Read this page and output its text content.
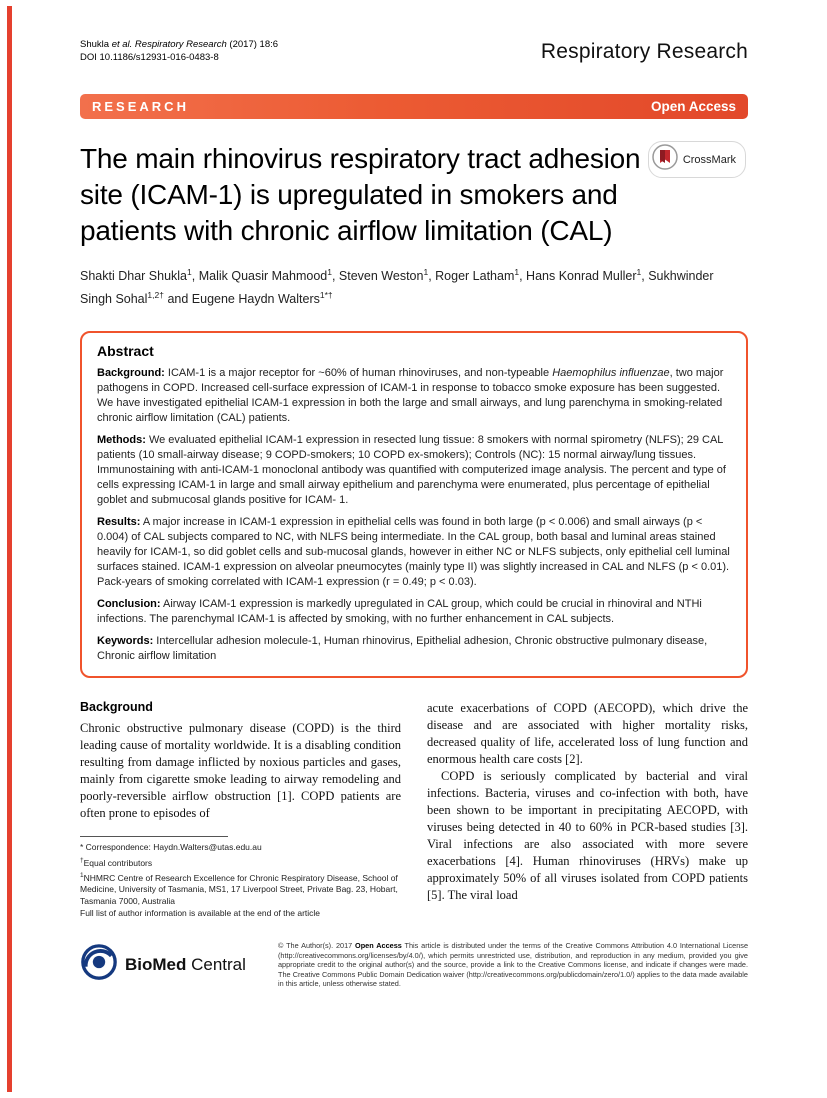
Shukla et al. Respiratory Research (2017) 18:6
DOI 10.1186/s12931-016-0483-8	Respiratory Research
RESEARCH	Open Access
The main rhinovirus respiratory tract adhesion site (ICAM-1) is upregulated in smokers and patients with chronic airflow limitation (CAL)
CrossMark

Shakti Dhar Shukla$^1$, Malik Quasir Mahmood$^1$, Steven Weston$^1$, Roger Latham$^1$, Hans Konrad Muller$^1$, Sukhwinder Singh Sohal$^{1,2\dagger}$ and Eugene Haydn Walters$^{1*\dagger}$

Abstract

Background: ICAM-1 is a major receptor for ~60% of human rhinoviruses, and non-typeable Haemophilus influenzae, two major pathogens in COPD. Increased cell-surface expression of ICAM-1 in response to tobacco smoke exposure has been suggested. We have investigated epithelial ICAM-1 expression in both the large and small airways, and lung parenchyma in smoking-related chronic airflow limitation (CAL) patients.

Methods: We evaluated epithelial ICAM-1 expression in resected lung tissue: 8 smokers with normal spirometry (NLFS); 29 CAL patients (10 small-airway disease; 9 COPD-smokers; 10 COPD ex-smokers); Controls (NC): 15 normal airway/lung tissues. Immunostaining with anti-ICAM-1 monoclonal antibody was quantified with computerized image analysis. The percent and type of cells expressing ICAM-1 in large and small airway epithelium and parenchyma were enumerated, plus percentage of epithelial goblet and submucosal glands positive for ICAM- 1.

Results: A major increase in ICAM-1 expression in epithelial cells was found in both large (p < 0.006) and small airways (p < 0.004) of CAL subjects compared to NC, with NLFS being intermediate. In the CAL group, both basal and luminal areas stained heavily for ICAM-1, so did goblet cells and sub-mucosal glands, however in either NC or NLFS subjects, only epithelial cell luminal surfaces stained. ICAM-1 expression on alveolar pneumocytes (mainly type II) was slightly increased in CAL and NLFS (p < 0.01). Pack-years of smoking correlated with ICAM-1 expression (r = 0.49; p < 0.03).

Conclusion: Airway ICAM-1 expression is markedly upregulated in CAL group, which could be crucial in rhinoviral and NTHi infections. The parenchymal ICAM-1 is affected by smoking, with no further enhancement in CAL subjects.

Keywords: Intercellular adhesion molecule-1, Human rhinovirus, Epithelial adhesion, Chronic obstructive pulmonary disease, Chronic airflow limitation

Background

Chronic obstructive pulmonary disease (COPD) is the third leading cause of mortality worldwide. It is a disabling condition resulting from damage inflicted by noxious particles and gases, mainly from cigarette smoke leading to airway remodeling and poorly-reversible airflow obstruction [1]. COPD patients are often prone to episodes of

* Correspondence: Haydn.Walters@utas.edu.au

†Equal contributors

$^1$NHMRC Centre of Research Excellence for Chronic Respiratory Disease, School of Medicine, University of Tasmania, MS1, 17 Liverpool Street, Private Bag. 23, Hobart, Tasmania 7000, Australia

Full list of author information is available at the end of the article

acute exacerbations of COPD (AECOPD), which drive the disease and are associated with higher mortality risks, decreased quality of life, accelerated loss of lung function and enormous health care costs [2].

COPD is seriously complicated by bacterial and viral infections. Bacteria, viruses and co-infection with both, have been shown to be important in precipitating AECOPD, with viruses being detected in 40 to 60% in PCR-based studies [3]. Viral infections are also associated with more severe exacerbations [4]. Human rhinoviruses (HRVs) make up approximately 50% of all viruses isolated from COPD patients [5]. The viral load

BioMed Central

© The Author(s). 2017 Open Access This article is distributed under the terms of the Creative Commons Attribution 4.0 International License (http://creativecommons.org/licenses/by/4.0/), which permits unrestricted use, distribution, and reproduction in any medium, provided you give appropriate credit to the original author(s) and the source, provide a link to the Creative Commons license, and indicate if changes were made. The Creative Commons Public Domain Dedication waiver (http://creativecommons.org/publicdomain/zero/1.0/) applies to the data made available in this article, unless otherwise stated.
